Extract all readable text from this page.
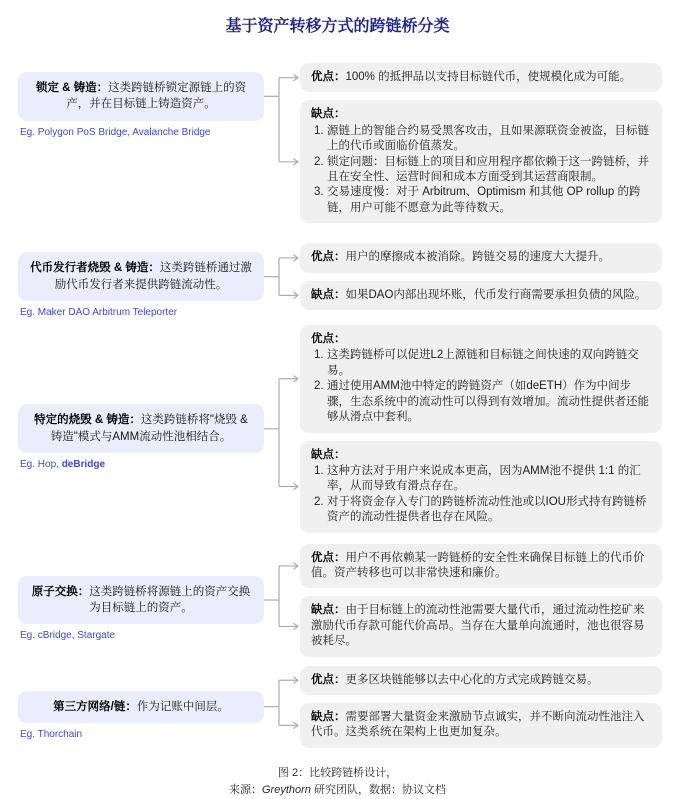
基于资产转移方式的跨链桥分类
锁定 & 铸造：这类跨链桥锁定源链上的资产，并在目标链上铸造资产。
Eg. Polygon PoS Bridge, Avalanche Bridge
优点：100% 的抵押品以支持目标链代币，使规模化成为可能。
缺点：
源链上的智能合约易受黑客攻击，且如果源联资金被盗，目标链上的代币或面临价值蒸发。
锁定问题：目标链上的项目和应用程序都依赖于这一跨链桥，并且在安全性、运营时间和成本方面受到其运营商限制。
交易速度慢：对于 Arbitrum、Optimism 和其他 OP rollup 的跨链，用户可能不愿意为此等待数天。
代币发行者烧毁 & 铸造：这类跨链桥通过激励代币发行者来提供跨链流动性。
Eg. Maker DAO Arbitrum Teleporter
优点：用户的摩擦成本被消除。跨链交易的速度大大提升。
缺点：如果DAO内部出现坏账，代币发行商需要承担负债的风险。
特定的烧毁 & 铸造：这类跨链桥将"烧毁 & 铸造"模式与AMM流动性池相结合。
Eg. Hop, deBridge
优点：
这类跨链桥可以促进L2上源链和目标链之间快速的双向跨链交易。
通过使用AMM池中特定的跨链资产（如deETH）作为中间步骤，生态系统中的流动性可以得到有效增加。流动性提供者还能够从滑点中套利。
缺点：
这种方法对于用户来说成本更高，因为AMM池不提供 1:1 的汇率，从而导致有滑点存在。
对于将资金存入专门的跨链桥流动性池或以IOU形式持有跨链桥资产的流动性提供者也存在风险。
原子交换：这类跨链桥将源链上的资产交换为目标链上的资产。
Eg. cBridge, Stargate
优点：用户不再依赖某一跨链桥的安全性来确保目标链上的代币价值。资产转移也可以非常快速和廉价。
缺点：由于目标链上的流动性池需要大量代币，通过流动性挖矿来激励代币存款可能代价高昂。当存在大量单向流通时，池也很容易被耗尽。
第三方网络/链：作为记账中间层。
Eg. Thorchain
优点：更多区块链能够以去中心化的方式完成跨链交易。
缺点：需要部署大量资金来激励节点诚实，并不断向流动性池注入代币。这类系统在架构上也更加复杂。
图 2：比较跨链桥设计，
来源：Greythorn 研究团队，数据：协议文档
